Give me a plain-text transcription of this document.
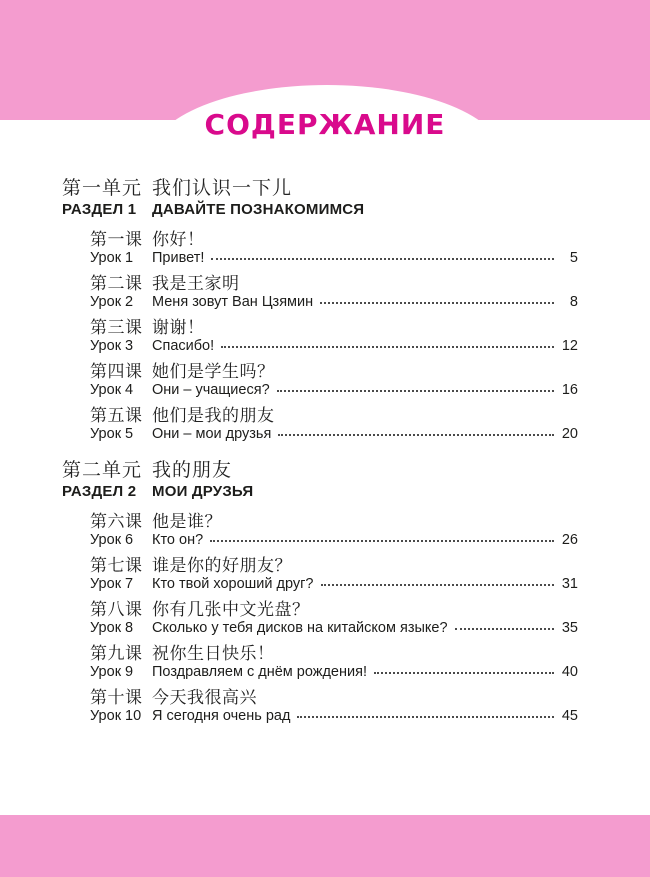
СОДЕРЖАНИЕ
第一单元 我们认识一下儿
РАЗДЕЛ 1	ДАВАЙТЕ ПОЗНАКОМИМСЯ
第一课 你好！
Урок 1	Привет!	5
第二课 我是王家明
Урок 2	Меня зовут Ван Цзямин	8
第三课 谢谢！
Урок 3	Спасибо!	12
第四课 她们是学生吗？
Урок 4	Они – учащиеся?	16
第五课 他们是我的朋友
Урок 5	Они – мои друзья	20
第二单元 我的朋友
РАЗДЕЛ 2	МОИ ДРУЗЬЯ
第六课 他是谁？
Урок 6	Кто он?	26
第七课 谁是你的好朋友？
Урок 7	Кто твой хороший друг?	31
第八课 你有几张中文光盘？
Урок 8	Сколько у тебя дисков на китайском языке?	35
第九课 祝你生日快乐！
Урок 9	Поздравляем с днём рождения!	40
第十课 今天我很高兴
Урок 10 Я сегодня очень рад	45
